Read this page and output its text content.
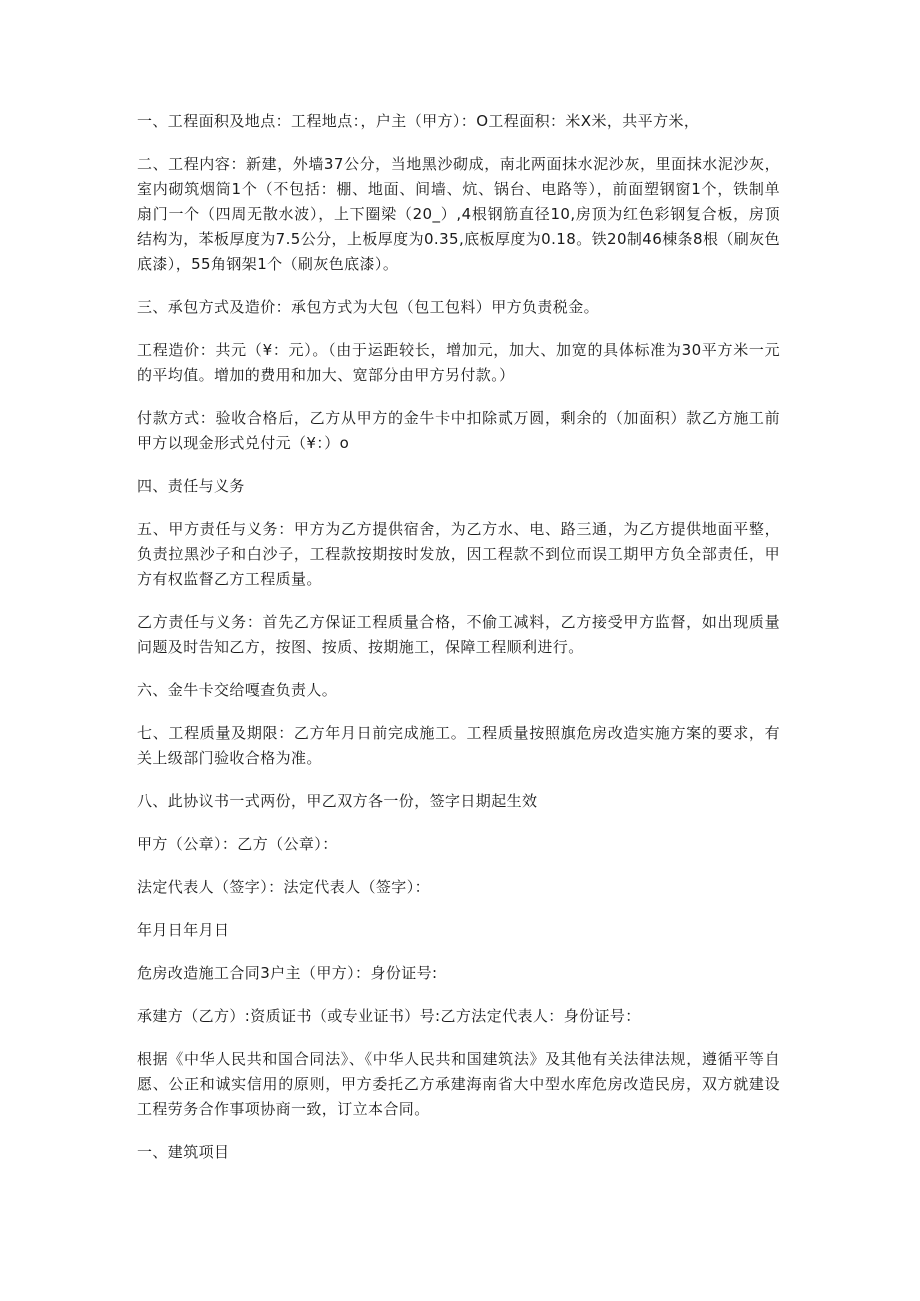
一、工程面积及地点：工程地点：，户主（甲方）：O工程面积：米X米，共平方米，

二、工程内容：新建，外墙37公分，当地黑沙砌成，南北两面抹水泥沙灰，里面抹水泥沙灰，室内砌筑烟筒1个（不包括：棚、地面、间墙、炕、锅台、电路等），前面塑钢窗1个，铁制单扇门一个（四周无散水波），上下圈梁（20_）,4根钢筋直径10,房顶为红色彩钢复合板，房顶结构为，苯板厚度为7.5公分，上板厚度为0.35,底板厚度为0.18。铁20制46棟条8根（刷灰色底漆），55角钢架1个（刷灰色底漆）。

三、承包方式及造价：承包方式为大包（包工包料）甲方负责税金。

工程造价：共元（¥：元）。（由于运距较长，增加元，加大、加宽的具体标准为30平方米一元的平均值。增加的费用和加大、宽部分由甲方另付款。）

付款方式：验收合格后，乙方从甲方的金牛卡中扣除贰万圆，剩余的（加面积）款乙方施工前甲方以现金形式兑付元（¥：）o

四、责任与义务

五、甲方责任与义务：甲方为乙方提供宿舍，为乙方水、电、路三通，为乙方提供地面平整，负责拉黑沙子和白沙子，工程款按期按时发放，因工程款不到位而误工期甲方负全部责任，甲方有权监督乙方工程质量。

乙方责任与义务：首先乙方保证工程质量合格，不偷工减料，乙方接受甲方监督，如出现质量问题及时告知乙方，按图、按质、按期施工，保障工程顺利进行。

六、金牛卡交给嘎查负责人。

七、工程质量及期限：乙方年月日前完成施工。工程质量按照旗危房改造实施方案的要求，有关上级部门验收合格为准。

八、此协议书一式两份，甲乙双方各一份，签字日期起生效

甲方（公章）：乙方（公章）：

法定代表人（签字）：法定代表人（签字）：

年月日年月日

危房改造施工合同3户主（甲方）：身份证号:

承建方（乙方）:资质证书（或专业证书）号:乙方法定代表人：身份证号：

根据《中华人民共和国合同法》、《中华人民共和国建筑法》及其他有关法律法规，遵循平等自愿、公正和诚实信用的原则，甲方委托乙方承建海南省大中型水库危房改造民房，双方就建设工程劳务合作事项协商一致，订立本合同。

一、建筑项目
